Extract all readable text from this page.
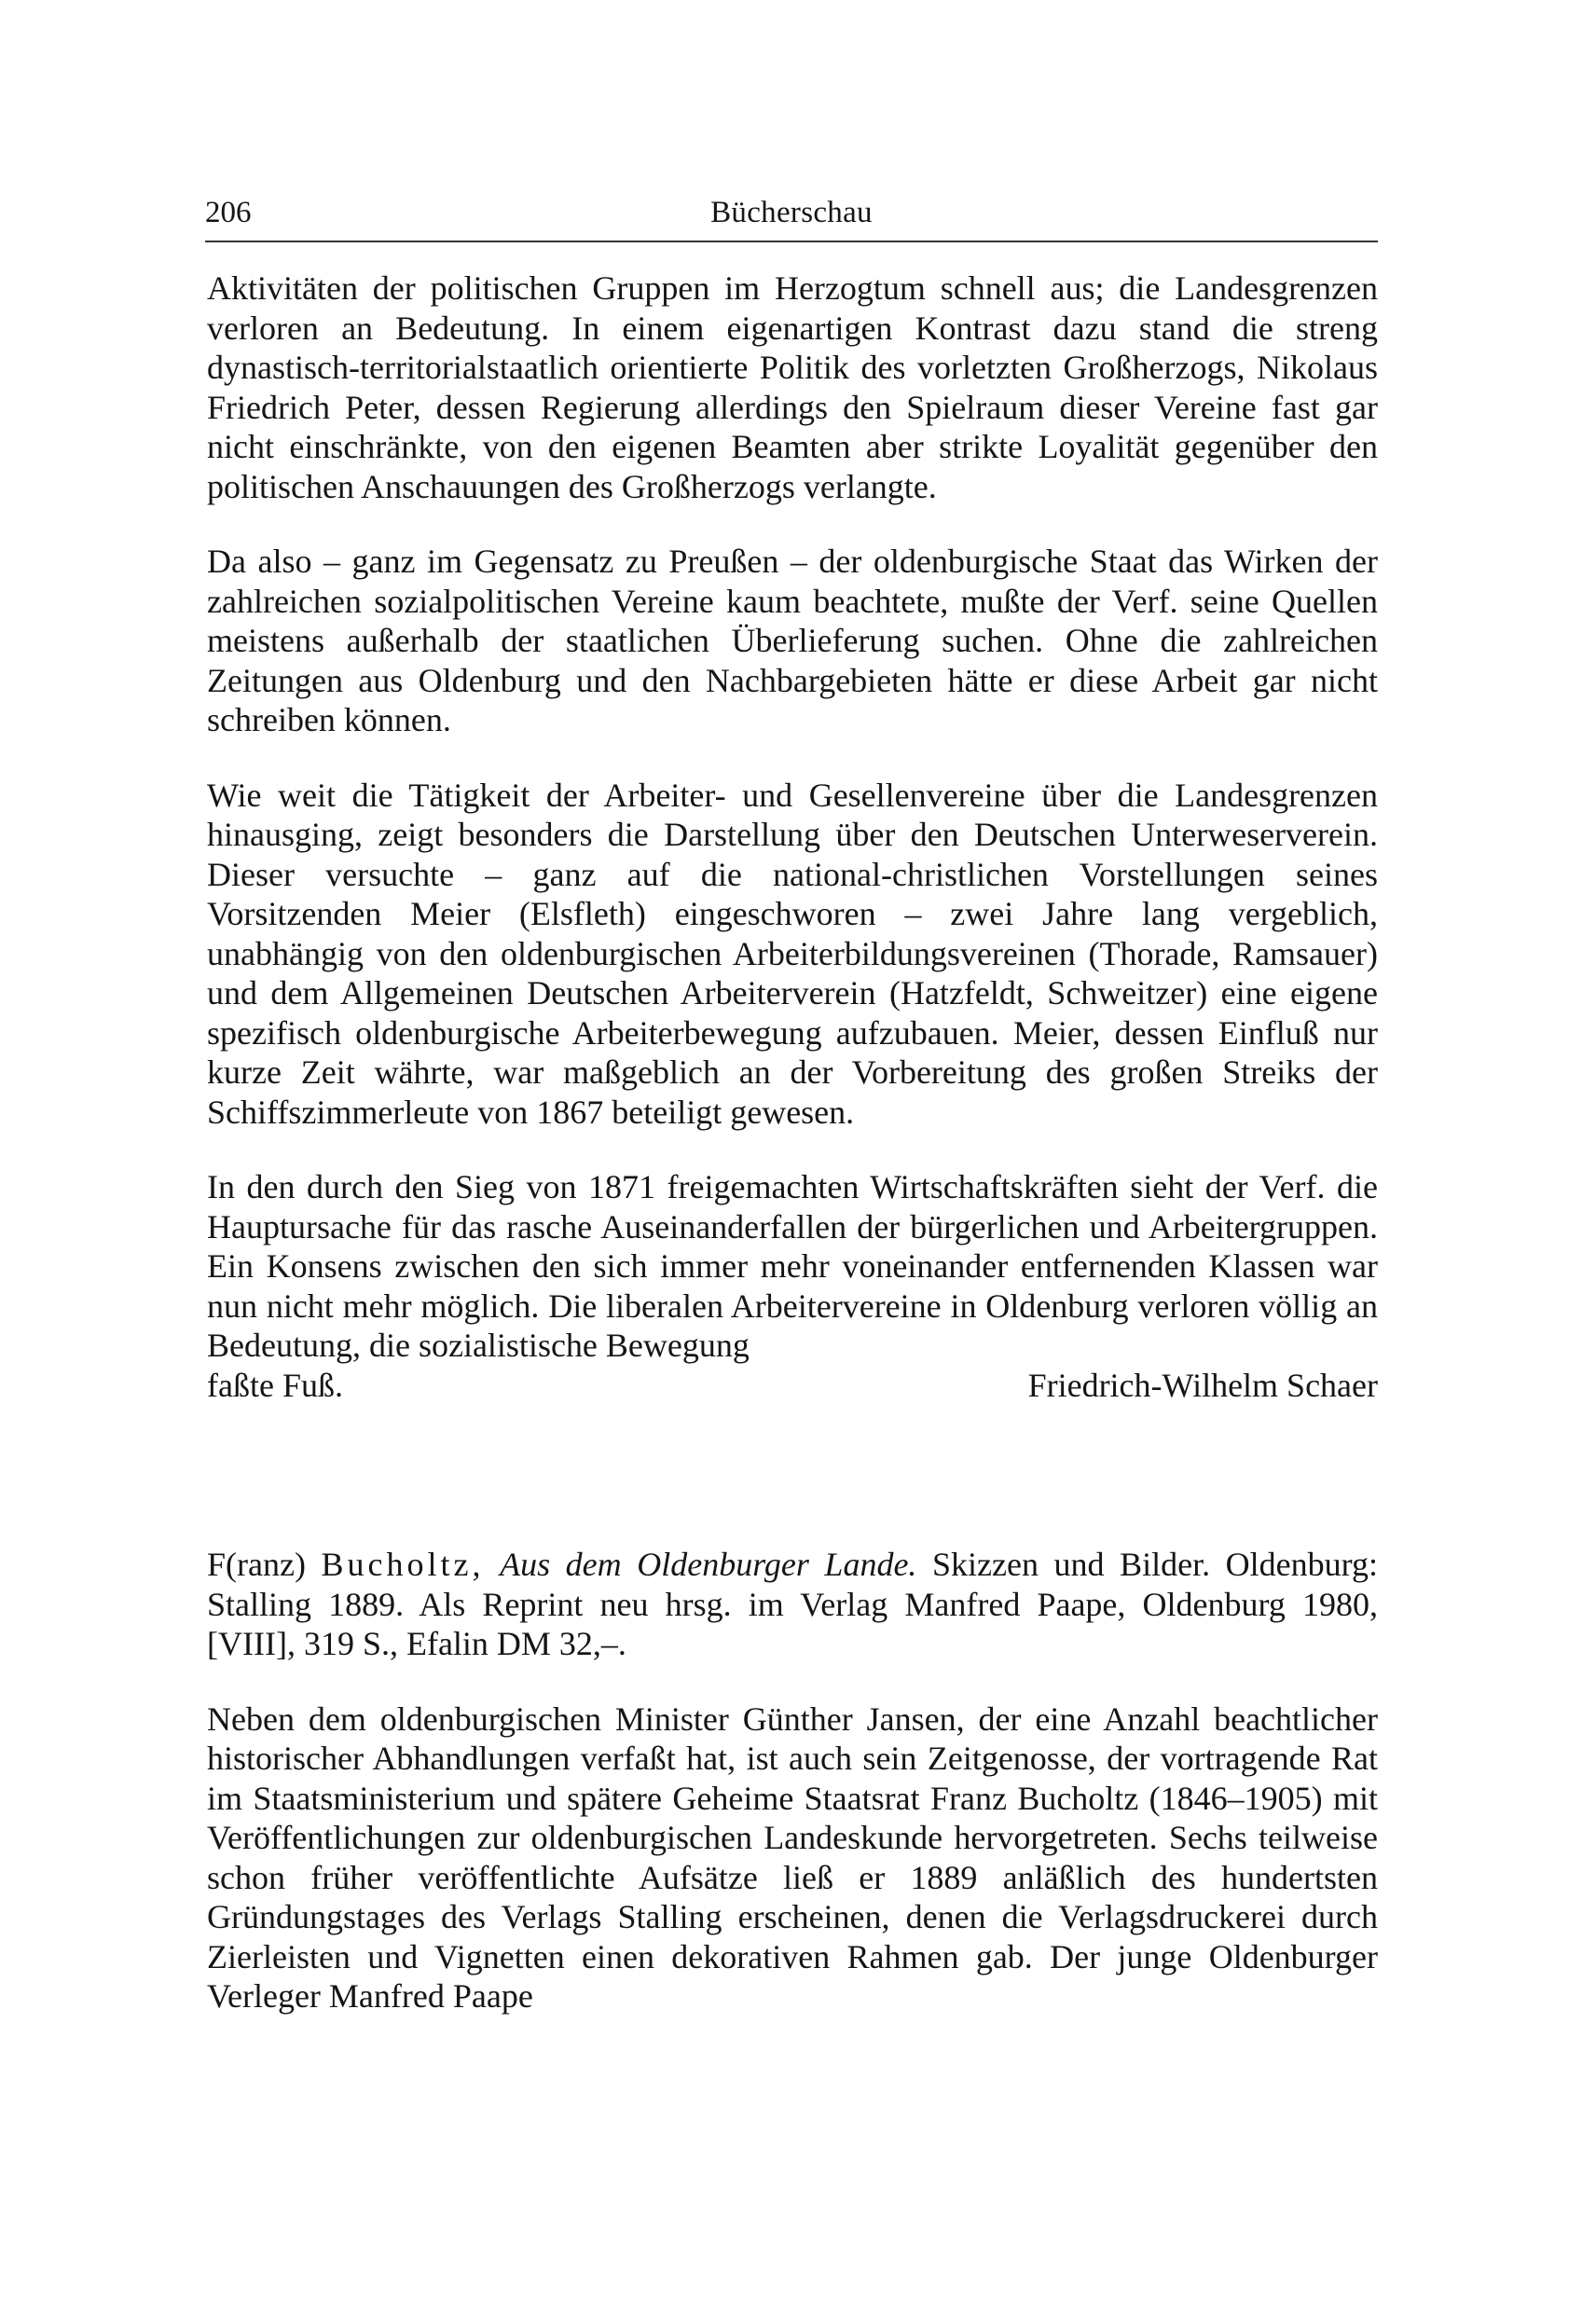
206	Bücherschau

Aktivitäten der politischen Gruppen im Herzogtum schnell aus; die Landesgrenzen verloren an Bedeutung. In einem eigenartigen Kontrast dazu stand die streng dynastisch-territorialstaatlich orientierte Politik des vorletzten Großherzogs, Nikolaus Friedrich Peter, dessen Regierung allerdings den Spielraum dieser Vereine fast gar nicht einschränkte, von den eigenen Beamten aber strikte Loyalität gegenüber den politischen Anschauungen des Großherzogs verlangte.

Da also – ganz im Gegensatz zu Preußen – der oldenburgische Staat das Wirken der zahlreichen sozialpolitischen Vereine kaum beachtete, mußte der Verf. seine Quellen meistens außerhalb der staatlichen Überlieferung suchen. Ohne die zahlreichen Zeitungen aus Oldenburg und den Nachbargebieten hätte er diese Arbeit gar nicht schreiben können.

Wie weit die Tätigkeit der Arbeiter- und Gesellenvereine über die Landesgrenzen hinausging, zeigt besonders die Darstellung über den Deutschen Unterweserverein. Dieser versuchte – ganz auf die national-christlichen Vorstellungen seines Vorsitzenden Meier (Elsfleth) eingeschworen – zwei Jahre lang vergeblich, unabhängig von den oldenburgischen Arbeiterbildungsvereinen (Thorade, Ramsauer) und dem Allgemeinen Deutschen Arbeiterverein (Hatzfeldt, Schweitzer) eine eigene spezifisch oldenburgische Arbeiterbewegung aufzubauen. Meier, dessen Einfluß nur kurze Zeit währte, war maßgeblich an der Vorbereitung des großen Streiks der Schiffszimmerleute von 1867 beteiligt gewesen.

In den durch den Sieg von 1871 freigemachten Wirtschaftskräften sieht der Verf. die Hauptursache für das rasche Auseinanderfallen der bürgerlichen und Arbeitergruppen. Ein Konsens zwischen den sich immer mehr voneinander entfernenden Klassen war nun nicht mehr möglich. Die liberalen Arbeitervereine in Oldenburg verloren völlig an Bedeutung, die sozialistische Bewegung

faßte Fuß.	Friedrich-Wilhelm Schaer

F(ranz) Bucholtz, Aus dem Oldenburger Lande. Skizzen und Bilder. Oldenburg: Stalling 1889. Als Reprint neu hrsg. im Verlag Manfred Paape, Oldenburg 1980, [VIII], 319 S., Efalin DM 32,–.

Neben dem oldenburgischen Minister Günther Jansen, der eine Anzahl beachtlicher historischer Abhandlungen verfaßt hat, ist auch sein Zeitgenosse, der vortragende Rat im Staatsministerium und spätere Geheime Staatsrat Franz Bucholtz (1846–1905) mit Veröffentlichungen zur oldenburgischen Landeskunde hervorgetreten. Sechs teilweise schon früher veröffentlichte Aufsätze ließ er 1889 anläßlich des hundertsten Gründungstages des Verlags Stalling erscheinen, denen die Verlagsdruckerei durch Zierleisten und Vignetten einen dekorativen Rahmen gab. Der junge Oldenburger Verleger Manfred Paape
